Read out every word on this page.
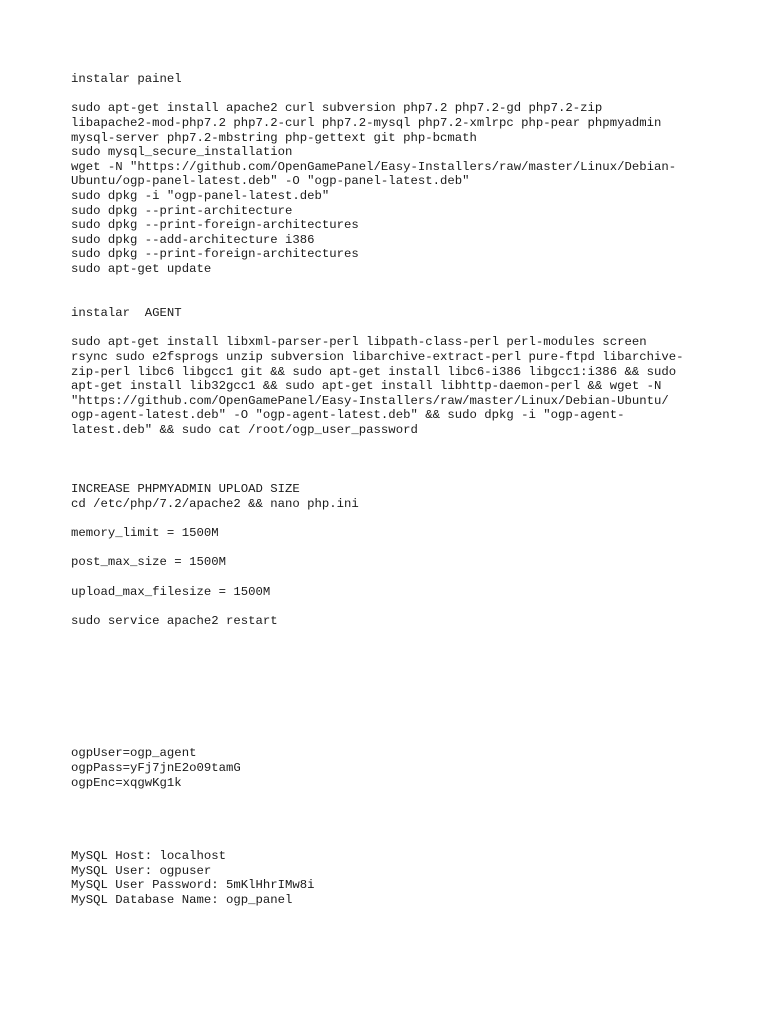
instalar painel

sudo apt-get install apache2 curl subversion php7.2 php7.2-gd php7.2-zip

libapache2-mod-php7.2 php7.2-curl php7.2-mysql php7.2-xmlrpc php-pear phpmyadmin

mysql-server php7.2-mbstring php-gettext git php-bcmath

sudo mysql_secure_installation

wget -N "https://github.com/OpenGamePanel/Easy-Installers/raw/master/Linux/Debian-

Ubuntu/ogp-panel-latest.deb" -O "ogp-panel-latest.deb"

sudo dpkg -i "ogp-panel-latest.deb"

sudo dpkg --print-architecture

sudo dpkg --print-foreign-architectures

sudo dpkg --add-architecture i386

sudo dpkg --print-foreign-architectures

sudo apt-get update

instalar  AGENT

sudo apt-get install libxml-parser-perl libpath-class-perl perl-modules screen

rsync sudo e2fsprogs unzip subversion libarchive-extract-perl pure-ftpd libarchive-

zip-perl libc6 libgcc1 git && sudo apt-get install libc6-i386 libgcc1:i386 && sudo

apt-get install lib32gcc1 && sudo apt-get install libhttp-daemon-perl && wget -N

"https://github.com/OpenGamePanel/Easy-Installers/raw/master/Linux/Debian-Ubuntu/

ogp-agent-latest.deb" -O "ogp-agent-latest.deb" && sudo dpkg -i "ogp-agent-

latest.deb" && sudo cat /root/ogp_user_password

INCREASE PHPMYADMIN UPLOAD SIZE

cd /etc/php/7.2/apache2 && nano php.ini

memory_limit = 1500M

post_max_size = 1500M

upload_max_filesize = 1500M

sudo service apache2 restart

ogpUser=ogp_agent

ogpPass=yFj7jnE2o09tamG

ogpEnc=xqgwKg1k

MySQL Host: localhost

MySQL User: ogpuser

MySQL User Password: 5mKlHhrIMw8i

MySQL Database Name: ogp_panel
